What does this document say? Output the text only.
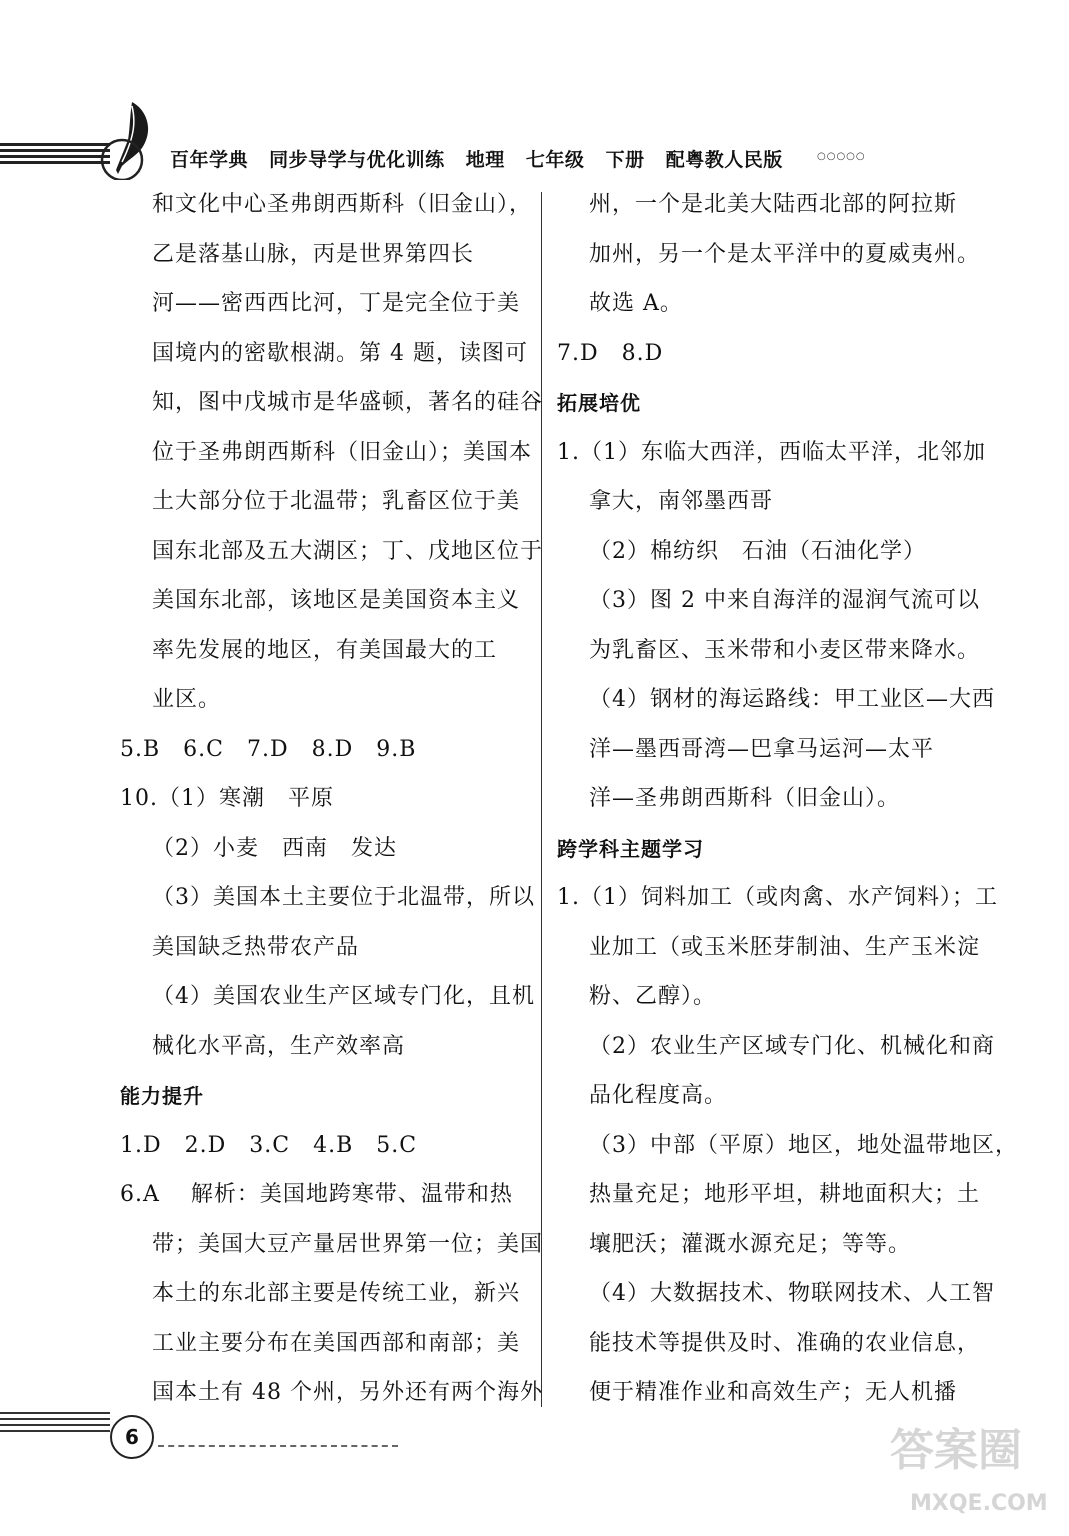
百年学典 同步导学与优化训练 地理 七年级 下册 配粤教人民版	○○○○○
和文化中心圣弗朗西斯科（旧金山），
乙是落基山脉，丙是世界第四长
河——密西西比河，丁是完全位于美
国境内的密歇根湖。第 4 题，读图可
知，图中戊城市是华盛顿，著名的硅谷
位于圣弗朗西斯科（旧金山）；美国本
土大部分位于北温带；乳畜区位于美
国东北部及五大湖区；丁、戊地区位于
美国东北部，该地区是美国资本主义
率先发展的地区，有美国最大的工
业区。
5.B　6.C　7.D　8.D　9.B
10.（1）寒潮　平原
（2）小麦　西南　发达
（3）美国本土主要位于北温带，所以
美国缺乏热带农产品
（4）美国农业生产区域专门化，且机
械化水平高，生产效率高
能力提升
1.D　2.D　3.C　4.B　5.C
6.A　 解析：美国地跨寒带、温带和热
带；美国大豆产量居世界第一位；美国
本土的东北部主要是传统工业，新兴
工业主要分布在美国西部和南部；美
国本土有 48 个州，另外还有两个海外
州，一个是北美大陆西北部的阿拉斯
加州，另一个是太平洋中的夏威夷州。
故选 A。
7.D　8.D
拓展培优
1.（1）东临大西洋，西临太平洋，北邻加
拿大，南邻墨西哥
（2）棉纺织　石油（石油化学）
（3）图 2 中来自海洋的湿润气流可以
为乳畜区、玉米带和小麦区带来降水。
（4）钢材的海运路线：甲工业区—大西
洋—墨西哥湾—巴拿马运河—太平
洋—圣弗朗西斯科（旧金山）。
跨学科主题学习
1.（1）饲料加工（或肉禽、水产饲料）；工
业加工（或玉米胚芽制油、生产玉米淀
粉、乙醇）。
（2）农业生产区域专门化、机械化和商
品化程度高。
（3）中部（平原）地区，地处温带地区，
热量充足；地形平坦，耕地面积大；土
壤肥沃；灌溉水源充足；等等。
（4）大数据技术、物联网技术、人工智
能技术等提供及时、准确的农业信息，
便于精准作业和高效生产；无人机播
6	答案圈
MXQE.COM
